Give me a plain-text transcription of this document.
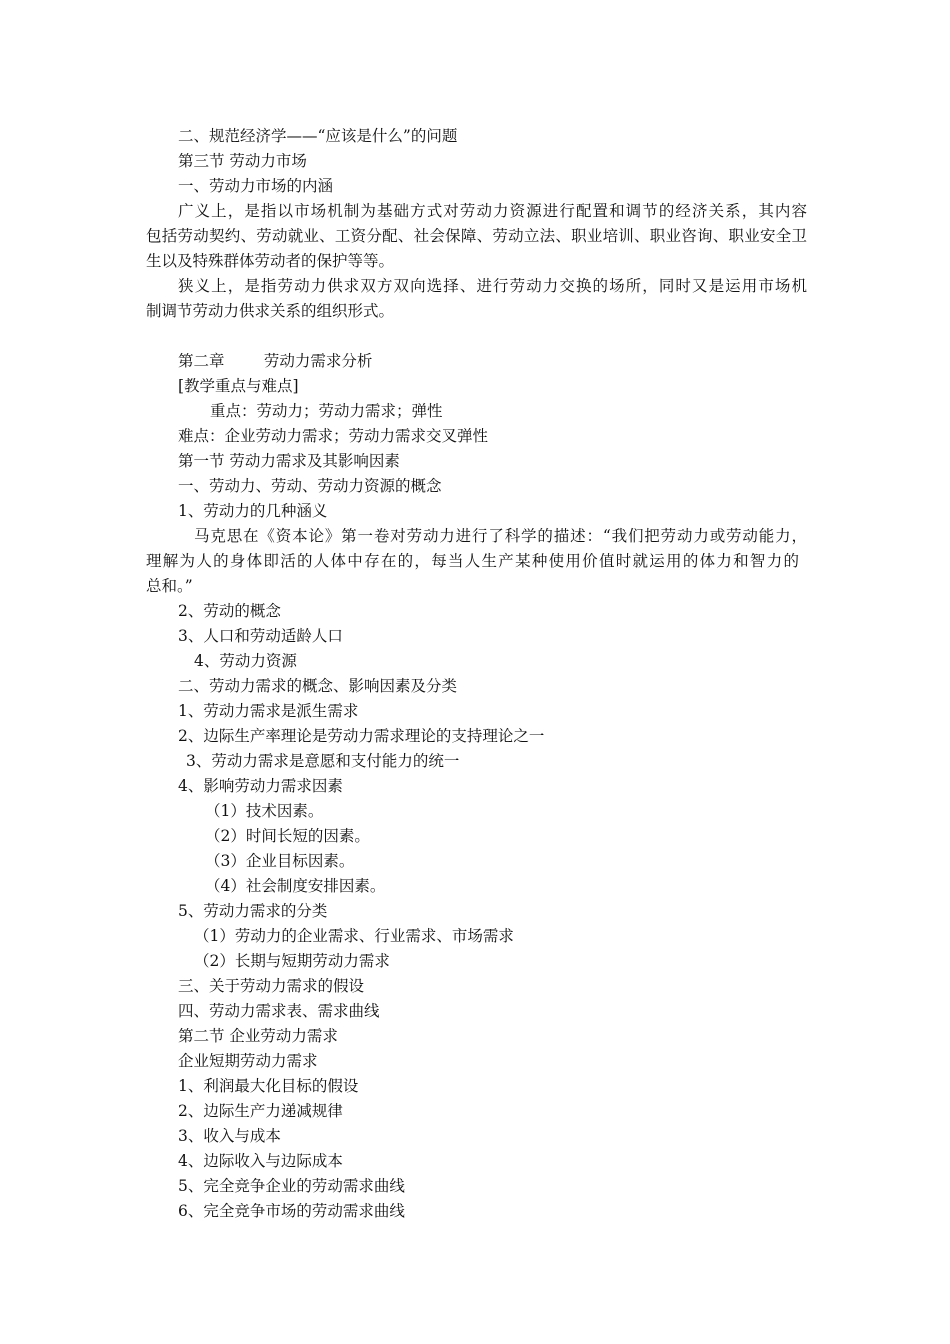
二、规范经济学——“应该是什么”的问题

第三节 劳动力市场

一、劳动力市场的内涵

广义上，是指以市场机制为基础方式对劳动力资源进行配置和调节的经济关系，其内容

包括劳动契约、劳动就业、工资分配、社会保障、劳动立法、职业培训、职业咨询、职业安全卫

生以及特殊群体劳动者的保护等等。

狭义上，是指劳动力供求双方双向选择、进行劳动力交换的场所，同时又是运用市场机

制调节劳动力供求关系的组织形式。

第二章        劳动力需求分析

[教学重点与难点]

重点：劳动力；劳动力需求；弹性

难点：企业劳动力需求；劳动力需求交叉弹性

第一节 劳动力需求及其影响因素

一、劳动力、劳动、劳动力资源的概念

1、劳动力的几种涵义

马克思在《资本论》第一卷对劳动力进行了科学的描述：“我们把劳动力或劳动能力，

理解为人的身体即活的人体中存在的，每当人生产某种使用价值时就运用的体力和智力的

总和。”

2、劳动的概念

3、人口和劳动适龄人口

4、劳动力资源

二、劳动力需求的概念、影响因素及分类

1、劳动力需求是派生需求

2、边际生产率理论是劳动力需求理论的支持理论之一

3、劳动力需求是意愿和支付能力的统一

4、影响劳动力需求因素

（1）技术因素。

（2）时间长短的因素。

（3）企业目标因素。

（4）社会制度安排因素。

5、劳动力需求的分类

（1）劳动力的企业需求、行业需求、市场需求

（2）长期与短期劳动力需求

三、关于劳动力需求的假设

四、劳动力需求表、需求曲线

第二节 企业劳动力需求

企业短期劳动力需求

1、利润最大化目标的假设

2、边际生产力递减规律

3、收入与成本

4、边际收入与边际成本

5、完全竞争企业的劳动需求曲线

6、完全竞争市场的劳动需求曲线
